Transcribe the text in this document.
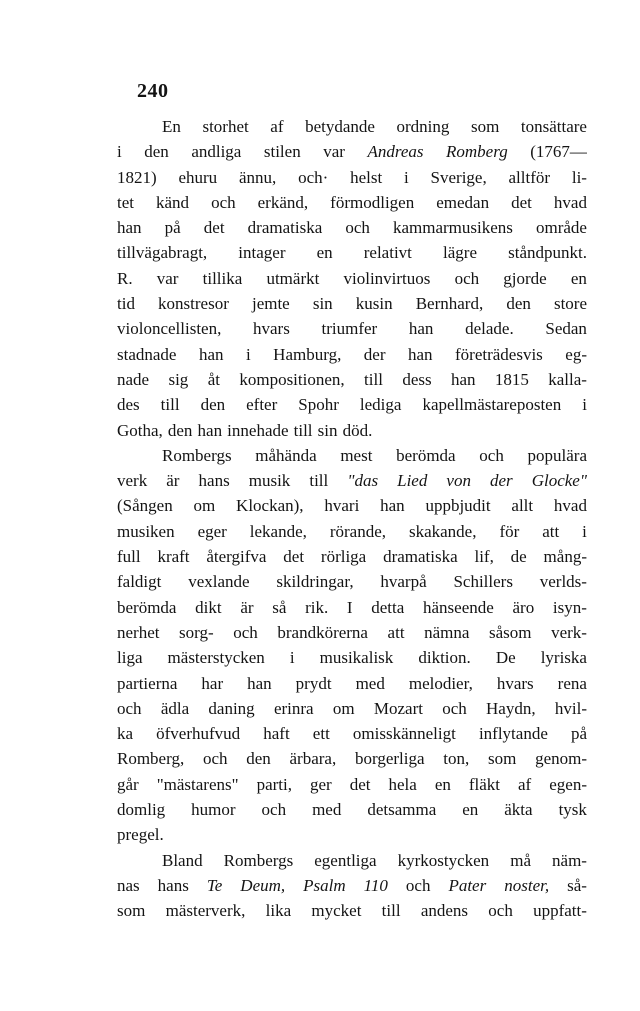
240
En storhet af betydande ordning som tonsättare
i den andliga stilen var Andreas Romberg (1767—
1821) ehuru ännu, och· helst i Sverige, alltför li-
tet känd och erkänd, förmodligen emedan det hvad
han på det dramatiska och kammarmusikens område
tillvägabragt, intager en relativt lägre ståndpunkt.
R. var tillika utmärkt violinvirtuos och gjorde en
tid konstresor jemte sin kusin Bernhard, den store
violoncellisten, hvars triumfer han delade. Sedan
stadnade han i Hamburg, der han företrädesvis eg-
nade sig åt kompositionen, till dess han 1815 kalla-
des till den efter Spohr lediga kapellmästareposten i
Gotha, den han innehade till sin död.
Rombergs måhända mest berömda och populära
verk är hans musik till "das Lied von der Glocke"
(Sången om Klockan), hvari han uppbjudit allt hvad
musiken eger lekande, rörande, skakande, för att i
full kraft återgifva det rörliga dramatiska lif, de mång-
faldigt vexlande skildringar, hvarpå Schillers verlds-
berömda dikt är så rik. I detta hänseende äro isyn-
nerhet sorg- och brandkörerna att nämna såsom verk-
liga mästerstycken i musikalisk diktion. De lyriska
partierna har han prydt med melodier, hvars rena
och ädla daning erinra om Mozart och Haydn, hvil-
ka öfverhufvud haft ett omisskänneligt inflytande på
Romberg, och den ärbara, borgerliga ton, som genom-
går "mästarens" parti, ger det hela en fläkt af egen-
domlig humor och med detsamma en äkta tysk
pregel.
Bland Rombergs egentliga kyrkostycken må näm-
nas hans Te Deum, Psalm 110 och Pater noster, så-
som mästerverk, lika mycket till andens och uppfatt-
